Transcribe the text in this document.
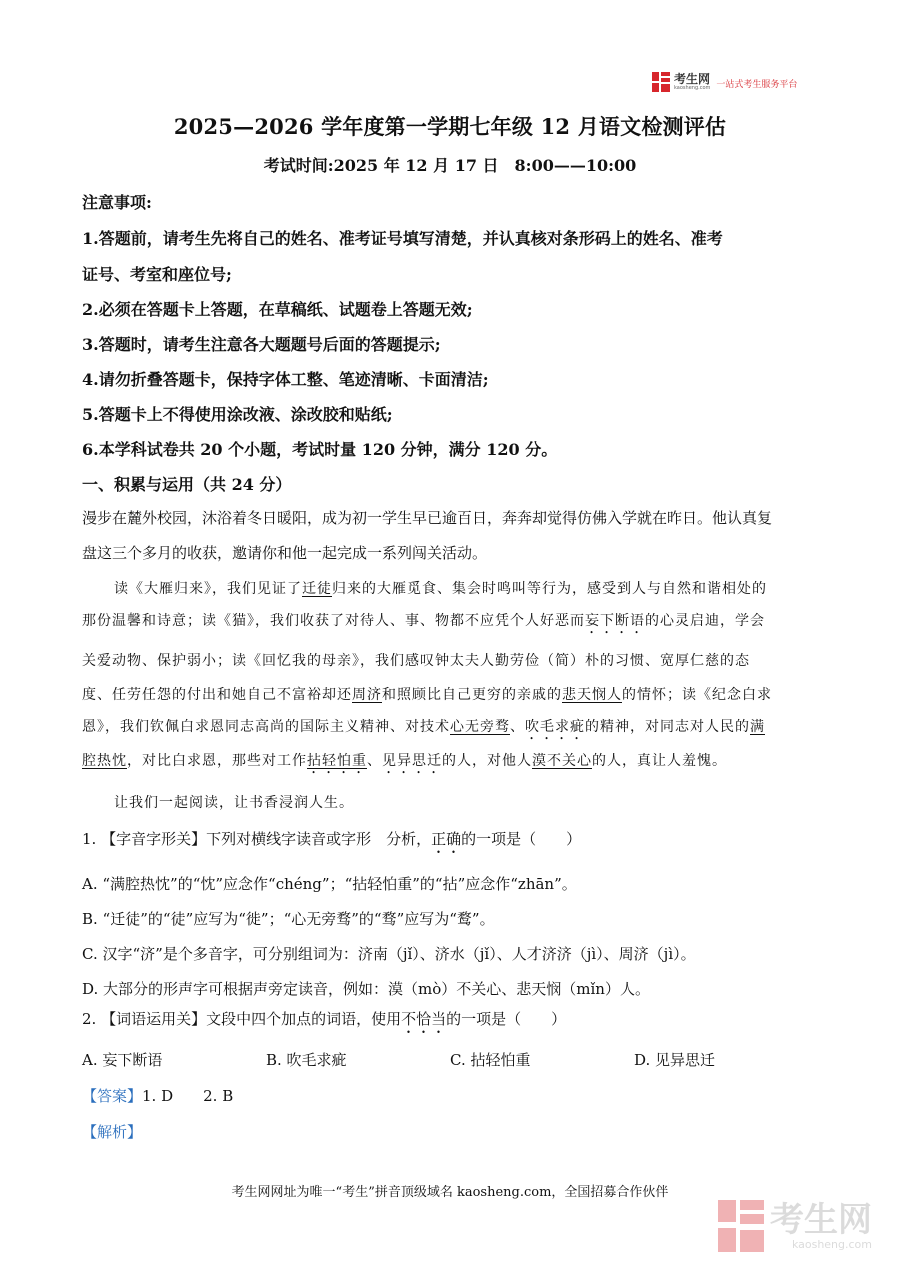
考生网
kaosheng.com 一站式考生服务平台
2025—2026 学年度第一学期七年级 12 月语文检测评估
考试时间:2025 年 12 月 17 日　8:00——10:00
注意事项:
1.答题前，请考生先将自己的姓名、准考证号填写清楚，并认真核对条形码上的姓名、准考
证号、考室和座位号;
2.必须在答题卡上答题，在草稿纸、试题卷上答题无效;
3.答题时，请考生注意各大题题号后面的答题提示;
4.请勿折叠答题卡，保持字体工整、笔迹清晰、卡面清洁;
5.答题卡上不得使用涂改液、涂改胶和贴纸;
6.本学科试卷共 20 个小题，考试时量 120 分钟，满分 120 分。
一、积累与运用（共 24 分）
漫步在麓外校园，沐浴着冬日暖阳，成为初一学生早已逾百日，奔奔却觉得仿佛入学就在昨日。他认真复
盘这三个多月的收获，邀请你和他一起完成一系列闯关活动。
读《大雁归来》，我们见证了迁徒归来的大雁觅食、集会时鸣叫等行为，感受到人与自然和谐相处的
那份温馨和诗意；读《猫》，我们收获了对待人、事、物都不应凭个人好恶而妄下断语的心灵启迪，学会
关爱动物、保护弱小；读《回忆我的母亲》，我们感叹钟太夫人勤劳俭（简）朴的习惯、宽厚仁慈的态
度、任劳任怨的付出和她自己不富裕却还周济和照顾比自己更穷的亲戚的悲天悯人的情怀；读《纪念白求
恩》，我们钦佩白求恩同志高尚的国际主义精神、对技术心无旁骛、吹毛求疵的精神，对同志对人民的满
腔热忱，对比白求恩，那些对工作拈轻怕重、见异思迁的人，对他人漠不关心的人，真让人羞愧。
让我们一起阅读，让书香浸润人生。
1. 【字音字形关】下列对横线字读音或字形　分析，正确的一项是（　　）
A. “满腔热忱”的“忱”应念作“chéng”；“拈轻怕重”的“拈”应念作“zhān”。
B. “迁徒”的“徒”应写为“徙”；“心无旁骛”的“骛”应写为“鹜”。
C. 汉字“济”是个多音字，可分别组词为：济南（jǐ）、济水（jǐ）、人才济济（jì）、周济（jì）。
D. 大部分的形声字可根据声旁定读音，例如：漠（mò）不关心、悲天悯（mǐn）人。
2. 【词语运用关】文段中四个加点的词语，使用不恰当的一项是（　　）
A. 妄下断语	B. 吹毛求疵	C. 拈轻怕重	D. 见异思迁
【答案】1. D　　2. B
【解析】
考生网网址为唯一“考生”拼音顶级域名 kaosheng.com，全国招募合作伙伴
考生网
kaosheng.com
